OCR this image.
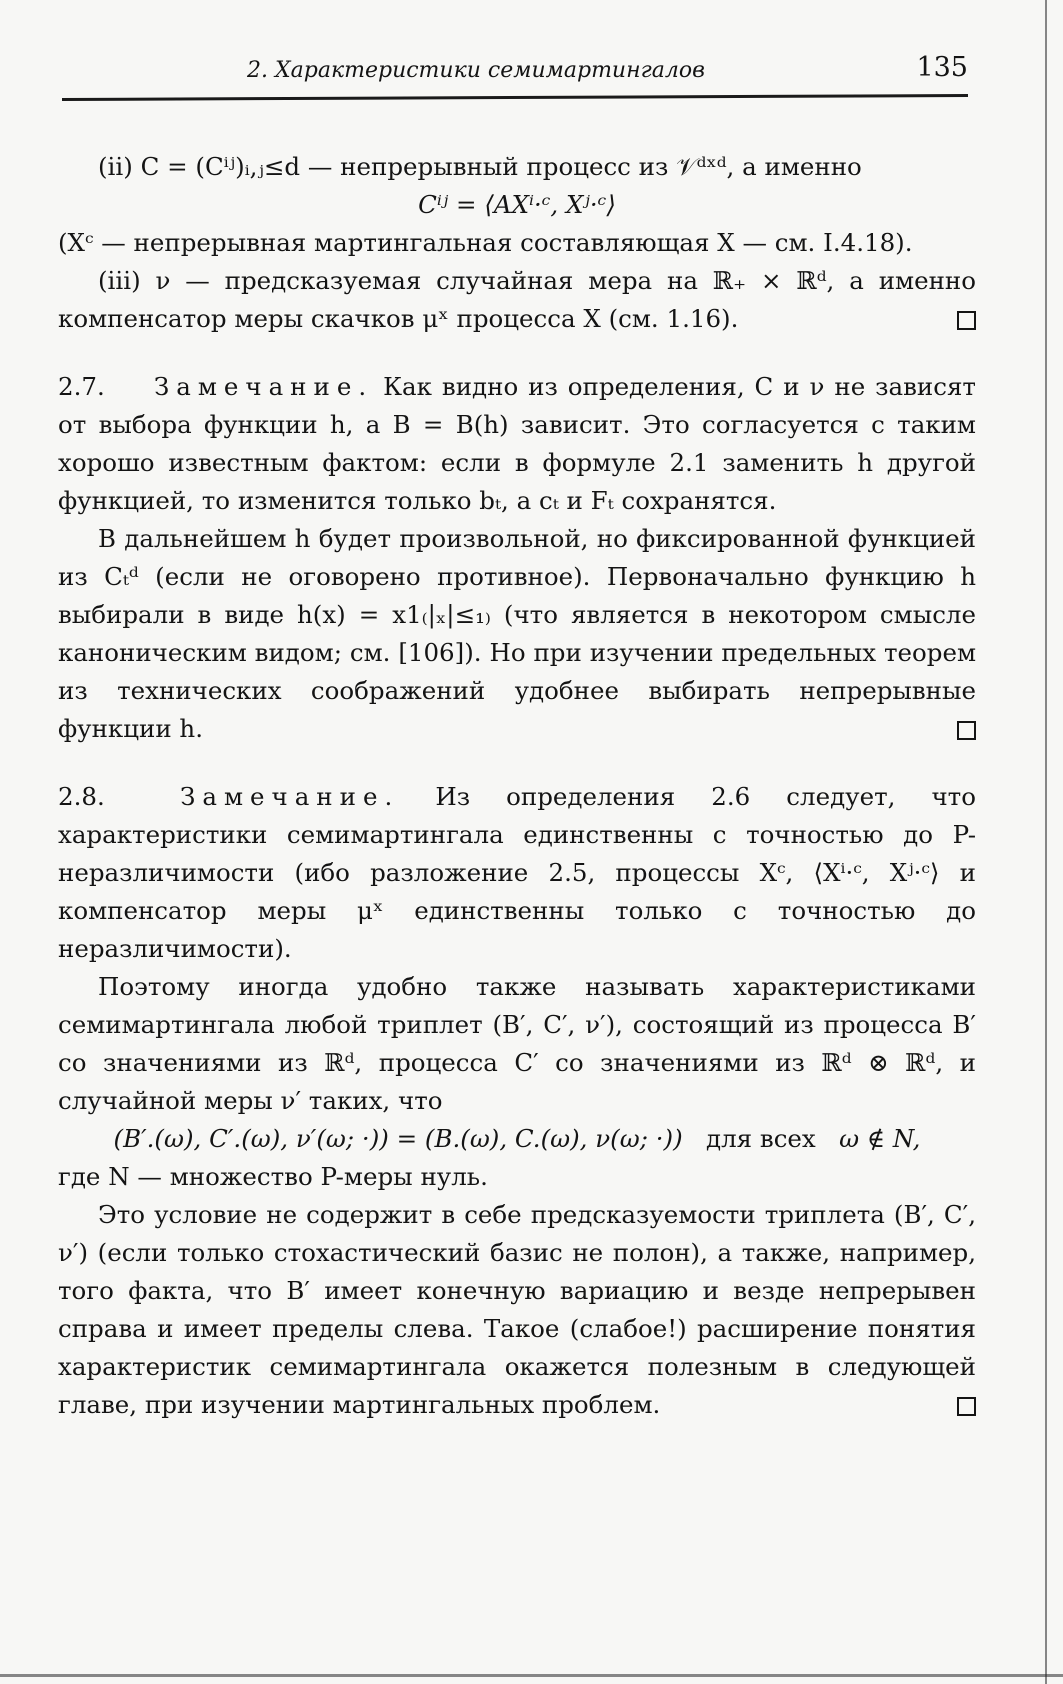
2. Характеристики семимартингалов	135

(ii) C = (Cⁱʲ)ᵢ,ⱼ≤d — непрерывный процесс из 𝒱ᵈˣᵈ, а именно

Cⁱʲ = ⟨AXⁱ·ᶜ, Xʲ·ᶜ⟩

(Xᶜ — непрерывная мартингальная составляющая X — см. I.4.18).

(iii) ν — предсказуемая случайная мера на ℝ₊ × ℝᵈ, а именно компенсатор меры скачков μˣ процесса X (см. 1.16).

2.7. Замечание. Как видно из определения, C и ν не зависят от выбора функции h, а B = B(h) зависит. Это согласуется с таким хорошо известным фактом: если в формуле 2.1 заменить h другой функцией, то изменится только bₜ, а cₜ и Fₜ сохранятся.

В дальнейшем h будет произвольной, но фиксированной функцией из Cₜᵈ (если не оговорено противное). Первоначально функцию h выбирали в виде h(x) = x1₍|ₓ|≤₁₎ (что является в некотором смысле каноническим видом; см. [106]). Но при изучении предельных теорем из технических соображений удобнее выбирать непрерывные функции h.

2.8.	Замечание. Из определения 2.6 следует, что характеристики семимартингала единственны с точностью до P-неразличимости (ибо разложение 2.5, процессы Xᶜ, ⟨Xⁱ·ᶜ, Xʲ·ᶜ⟩ и компенсатор меры μˣ единственны только с точностью до неразличимости).

Поэтому иногда удобно также называть характеристиками семимартингала любой триплет (B′, C′, ν′), состоящий из процесса B′ со значениями из ℝᵈ, процесса C′ со значениями из ℝᵈ ⊗ ℝᵈ, и случайной меры ν′ таких, что

(B′.(ω), C′.(ω), ν′(ω; ·)) = (B.(ω), C.(ω), ν(ω; ·)) для всех ω ∉ N,

где N — множество P-меры нуль.

Это условие не содержит в себе предсказуемости триплета (B′, C′, ν′) (если только стохастический базис не полон), а также, например, того факта, что B′ имеет конечную вариацию и везде непрерывен справа и имеет пределы слева. Такое (слабое!) расширение понятия характеристик семимартингала окажется полезным в следующей главе, при изучении мартингальных проблем.
